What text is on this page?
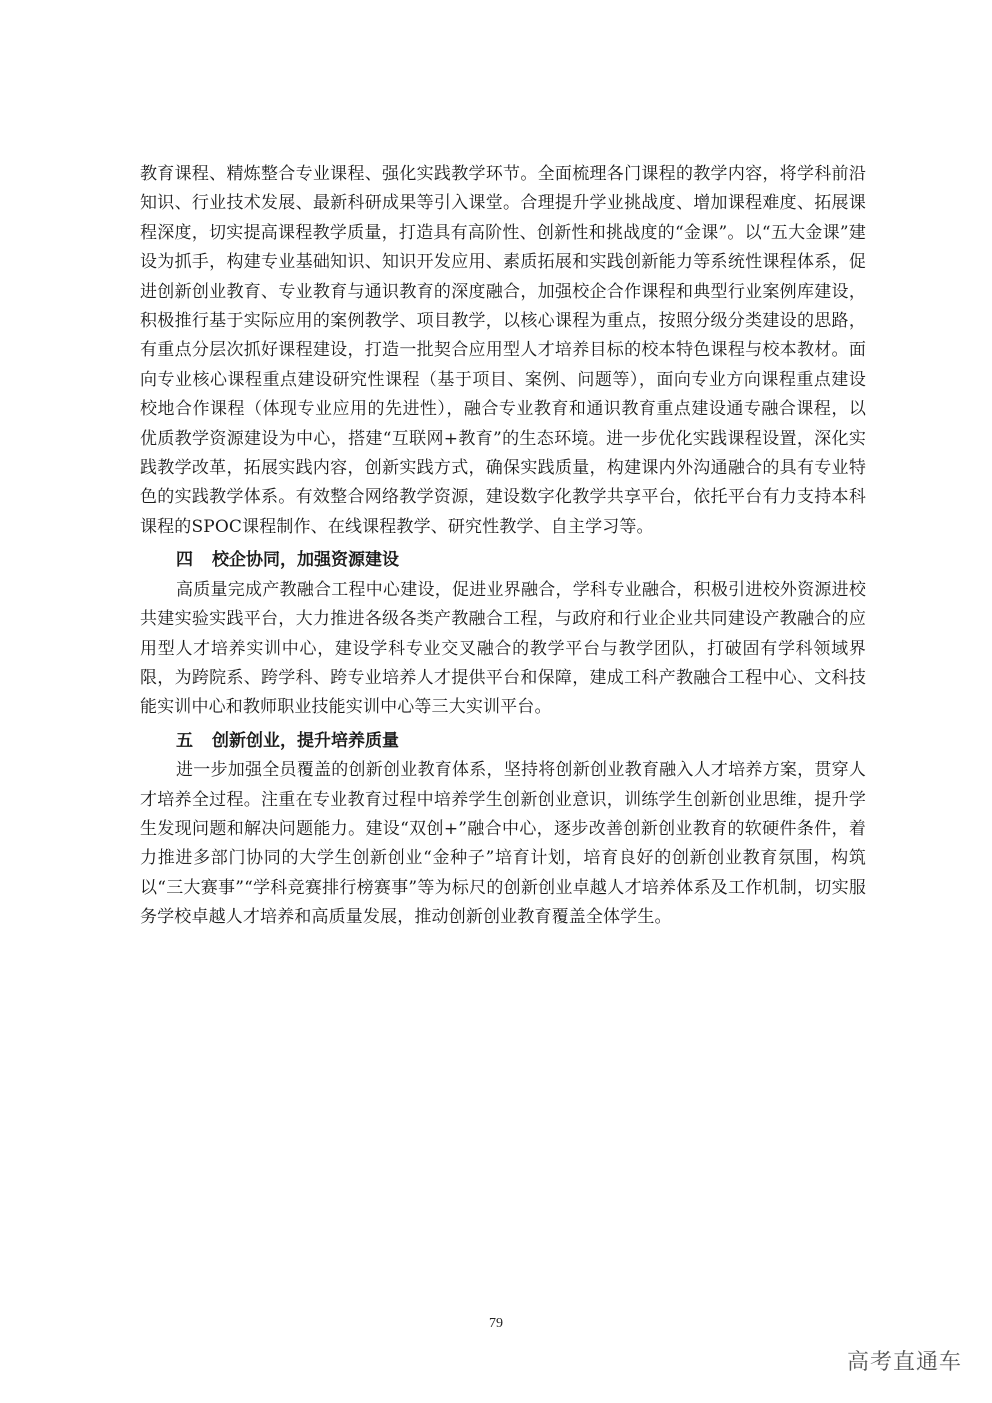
教育课程、精炼整合专业课程、强化实践教学环节。全面梳理各门课程的教学内容，将学科前沿知识、行业技术发展、最新科研成果等引入课堂。合理提升学业挑战度、增加课程难度、拓展课程深度，切实提高课程教学质量，打造具有高阶性、创新性和挑战度的“金课”。以“五大金课”建设为抓手，构建专业基础知识、知识开发应用、素质拓展和实践创新能力等系统性课程体系，促进创新创业教育、专业教育与通识教育的深度融合，加强校企合作课程和典型行业案例库建设，积极推行基于实际应用的案例教学、项目教学，以核心课程为重点，按照分级分类建设的思路，有重点分层次抓好课程建设，打造一批契合应用型人才培养目标的校本特色课程与校本教材。面向专业核心课程重点建设研究性课程（基于项目、案例、问题等），面向专业方向课程重点建设校地合作课程（体现专业应用的先进性），融合专业教育和通识教育重点建设通专融合课程，以优质教学资源建设为中心，搭建“互联网+教育”的生态环境。进一步优化实践课程设置，深化实践教学改革，拓展实践内容，创新实践方式，确保实践质量，构建课内外沟通融合的具有专业特色的实践教学体系。有效整合网络教学资源，建设数字化教学共享平台，依托平台有力支持本科课程的SPOC课程制作、在线课程教学、研究性教学、自主学习等。

四 校企协同，加强资源建设

高质量完成产教融合工程中心建设，促进业界融合，学科专业融合，积极引进校外资源进校共建实验实践平台，大力推进各级各类产教融合工程，与政府和行业企业共同建设产教融合的应用型人才培养实训中心，建设学科专业交叉融合的教学平台与教学团队，打破固有学科领域界限，为跨院系、跨学科、跨专业培养人才提供平台和保障，建成工科产教融合工程中心、文科技能实训中心和教师职业技能实训中心等三大实训平台。

五 创新创业，提升培养质量

进一步加强全员覆盖的创新创业教育体系，坚持将创新创业教育融入人才培养方案，贯穿人才培养全过程。注重在专业教育过程中培养学生创新创业意识，训练学生创新创业思维，提升学生发现问题和解决问题能力。建设“双创+”融合中心，逐步改善创新创业教育的软硬件条件，着力推进多部门协同的大学生创新创业“金种子”培育计划，培育良好的创新创业教育氛围，构筑以“三大赛事”“学科竞赛排行榜赛事”等为标尺的创新创业卓越人才培养体系及工作机制，切实服务学校卓越人才培养和高质量发展，推动创新创业教育覆盖全体学生。

79
高考直通车
